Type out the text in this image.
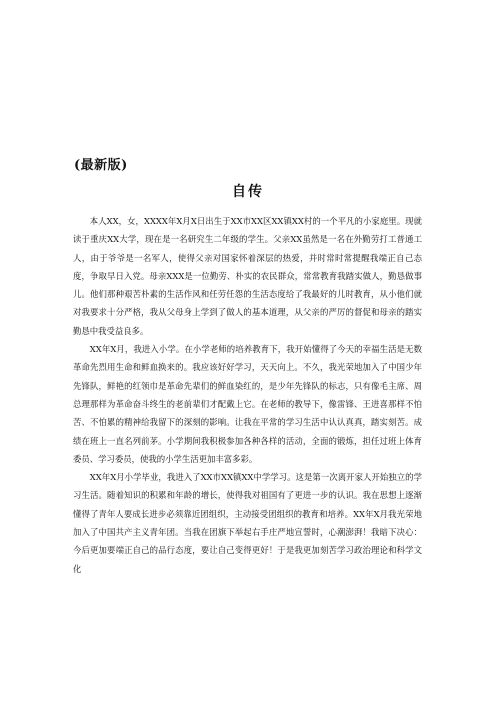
(最新版)
自传

本人XX，女，XXXX年X月X日出生于XX市XX区XX镇XX村的一个平凡的小家庭里。现就读于重庆XX大学，现在是一名研究生二年级的学生。父亲XX虽然是一名在外勤劳打工普通工人，由于爷爷是一名军人，使得父亲对国家怀着深层的热爱，并时常时常提醒我端正自己态度，争取早日入党。母亲XXX是一位勤劳、朴实的农民群众，常常教育我踏实做人，勤恳做事儿。他们那种艰苦朴素的生活作风和任劳任怨的生活态度给了我最好的儿时教育，从小他们就对我要求十分严格，我从父母身上学到了做人的基本道理，从父亲的严厉的督促和母亲的踏实勤恳中我受益良多。

XX年X月，我进入小学。在小学老师的培养教育下，我开始懂得了今天的幸福生活是无数革命先烈用生命和鲜血换来的。我应该好好学习，天天向上。不久，我光荣地加入了中国少年先锋队，鲜艳的红领巾是革命先辈们的鲜血染红的，是少年先锋队的标志，只有像毛主席、周总理那样为革命奋斗终生的老前辈们才配戴上它。在老师的教导下，像雷锋、王进喜那样不怕苦、不怕累的精神给我留下的深刻的影响。让我在平常的学习生活中认认真真，踏实刻苦。成绩在班上一直名列前茅。小学期间我积极参加各种各样的活动，全面的锻炼，担任过班上体育委员、学习委员，使我的小学生活更加丰富多彩。

XX年X月小学毕业，我进入了XX市XX镇XX中学学习。这是第一次离开家人开始独立的学习生活。随着知识的积累和年龄的增长，使得我对祖国有了更进一步的认识。我在思想上逐渐懂得了青年人要成长进步必须靠近团组织，主动接受团组织的教育和培养。XX年X月我光荣地加入了中国共产主义青年团。当我在团旗下举起右手庄严地宣誓时，心潮澎湃！我暗下决心：今后更加要端正自己的品行态度，要让自己变得更好！于是我更加刻苦学习政治理论和科学文化
